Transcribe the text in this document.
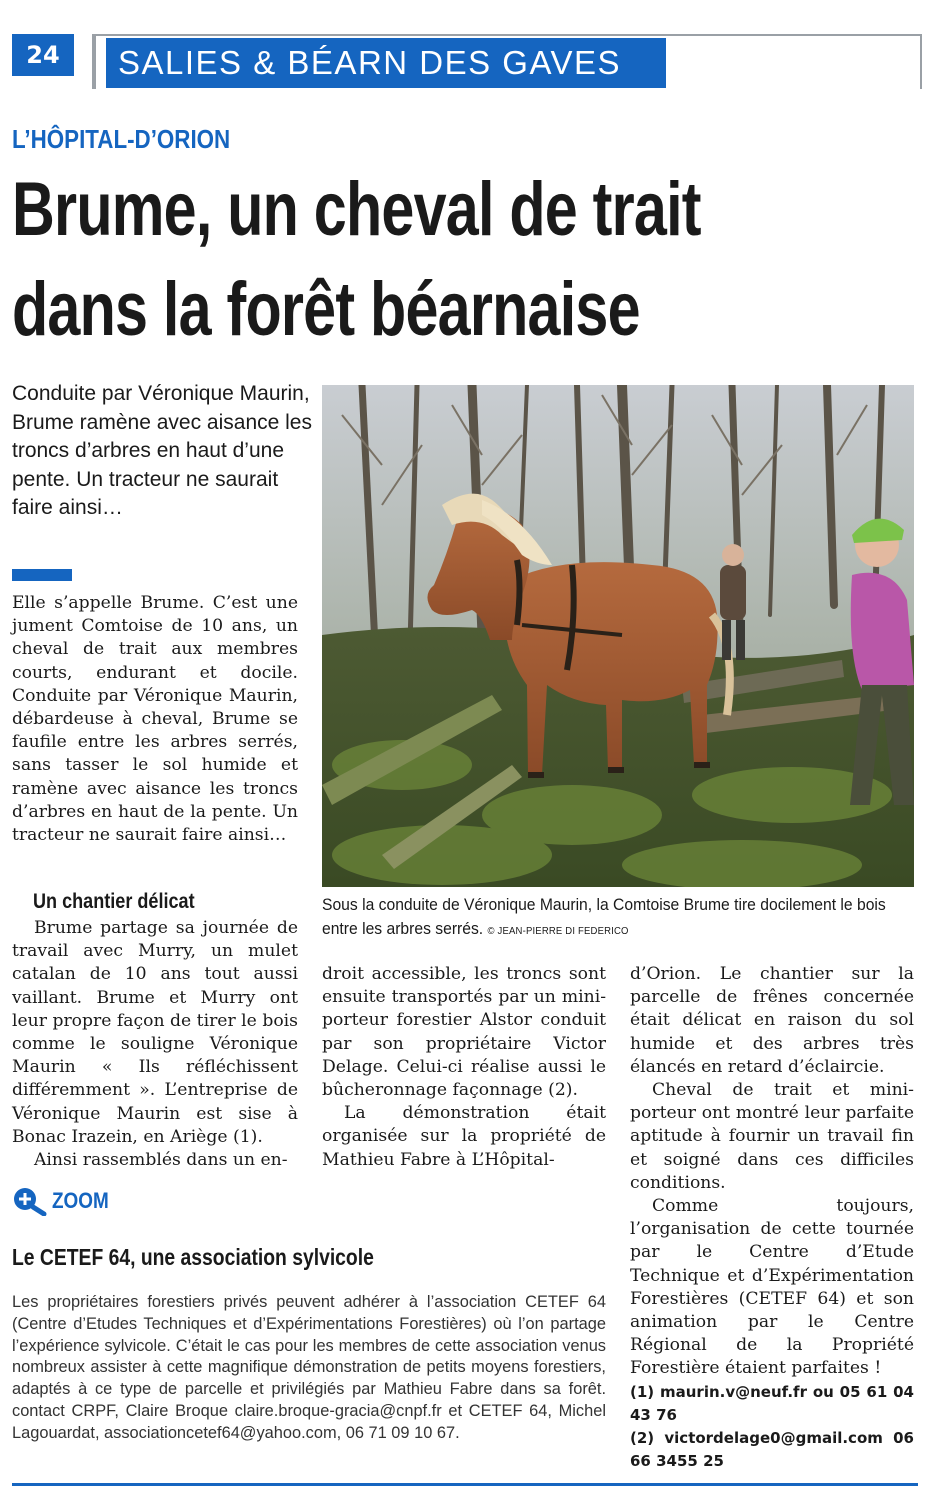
24	SALIES & BÉARN DES GAVES
L’HÔPITAL-D’ORION
Brume, un cheval de trait
dans la forêt béarnaise
Conduite par Véronique Maurin, Brume ramène avec aisance les troncs d’arbres en haut d’une pente. Un tracteur ne saurait faire ainsi…
Elle s’appelle Brume. C’est une jument Comtoise de 10 ans, un cheval de trait aux membres courts, endurant et docile. Conduite par Véronique Maurin, débardeuse à cheval, Brume se faufile entre les arbres serrés, sans tasser le sol humide et ramène avec aisance les troncs d’arbres en haut de la pente. Un tracteur ne saurait faire ainsi…
Un chantier délicat

Brume partage sa journée de travail avec Murry, un mulet catalan de 10 ans tout aussi vaillant. Brume et Murry ont leur propre façon de tirer le bois comme le souligne Véronique Maurin « Ils réfléchissent différemment ». L’entreprise de Véronique Maurin est sise à Bonac Irazein, en Ariège (1).

Ainsi rassemblés dans un en-

Sous la conduite de Véronique Maurin, la Comtoise Brume tire docilement le bois entre les arbres serrés. © JEAN-PIERRE DI FEDERICO

droit accessible, les troncs sont ensuite transportés par un mini-porteur forestier Alstor conduit par son propriétaire Victor Delage. Celui-ci réalise aussi le bûcheronnage façonnage (2).

La démonstration était organisée sur la propriété de Mathieu Fabre à L’Hôpital-

d’Orion. Le chantier sur la parcelle de frênes concernée était délicat en raison du sol humide et des arbres très élancés en retard d’éclaircie.

Cheval de trait et mini-porteur ont montré leur parfaite aptitude à fournir un travail fin et soigné dans ces difficiles conditions.

Comme toujours, l’organisation de cette tournée par le Centre d’Etude Technique et d’Expérimentation Forestières (CETEF 64) et son animation par le Centre Régional de la Propriété Forestière étaient parfaites !

(1) maurin.v@neuf.fr ou 05 61 04 43 76

(2) victordelage0@gmail.com 06 66 3455 25

ZOOM
Le CETEF 64, une association sylvicole
Les propriétaires forestiers privés peuvent adhérer à l’association CETEF 64 (Centre d’Etudes Techniques et d’Expérimentations Forestières) où l’on partage l’expérience sylvicole. C’était le cas pour les membres de cette association venus nombreux assister à cette magnifique démonstration de petits moyens forestiers, adaptés à ce type de parcelle et privilégiés par Mathieu Fabre dans sa forêt. contact CRPF, Claire Broque claire.broque-gracia@cnpf.fr et CETEF 64, Michel Lagouardat, associationcetef64@yahoo.com, 06 71 09 10 67.
